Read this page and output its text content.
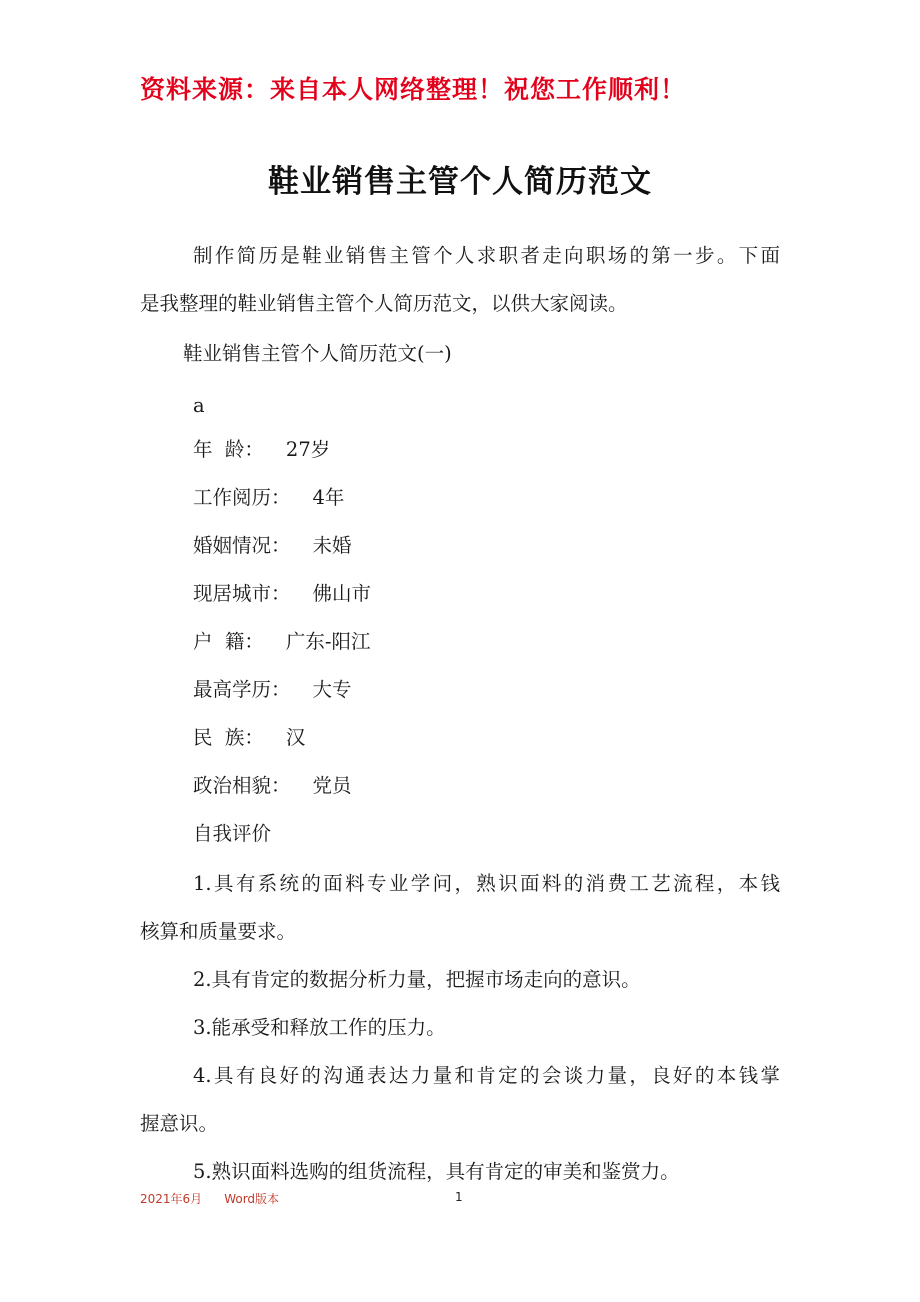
资料来源：来自本人网络整理！祝您工作顺利！
鞋业销售主管个人简历范文
制作简历是鞋业销售主管个人求职者走向职场的第一步。下面
是我整理的鞋业销售主管个人简历范文，以供大家阅读。
鞋业销售主管个人简历范文(一)
a
年  龄： 27岁
工作阅历： 4年
婚姻情况： 未婚
现居城市： 佛山市
户  籍： 广东-阳江
最高学历： 大专
民  族： 汉
政治相貌： 党员
自我评价
1.具有系统的面料专业学问，熟识面料的消费工艺流程，本钱
核算和质量要求。
2.具有肯定的数据分析力量，把握市场走向的意识。
3.能承受和释放工作的压力。
4.具有良好的沟通表达力量和肯定的会谈力量，良好的本钱掌
握意识。
5.熟识面料选购的组货流程，具有肯定的审美和鉴赏力。
2021年6月 Word版本	1
